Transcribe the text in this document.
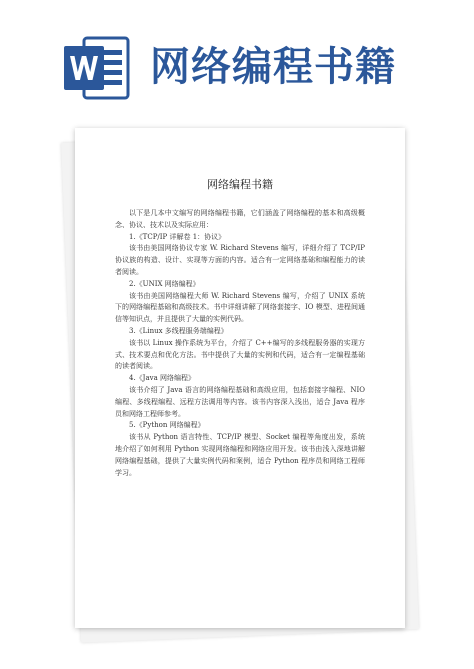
网络编程书籍
网络编程书籍

以下是几本中文编写的网络编程书籍，它们涵盖了网络编程的基本和高级概念、协议、技术以及实际应用：

1.《TCP/IP 详解卷 1：协议》

该书由美国网络协议专家 W. Richard Stevens 编写，详细介绍了 TCP/IP 协议族的构造、设计、实现等方面的内容。适合有一定网络基础和编程能力的读者阅读。

2.《UNIX 网络编程》

该书由美国网络编程大师 W. Richard Stevens 编写，介绍了 UNIX 系统下的网络编程基础和高级技术。书中详细讲解了网络套接字、IO 模型、进程间通信等知识点，并且提供了大量的实例代码。

3.《Linux 多线程服务端编程》

该书以 Linux 操作系统为平台，介绍了 C++编写的多线程服务器的实现方式、技术要点和优化方法。书中提供了大量的实例和代码，适合有一定编程基础的读者阅读。

4.《Java 网络编程》

该书介绍了 Java 语言的网络编程基础和高级应用，包括套接字编程、NIO 编程、多线程编程、远程方法调用等内容。该书内容深入浅出，适合 Java 程序员和网络工程师参考。

5.《Python 网络编程》

该书从 Python 语言特性、TCP/IP 模型、Socket 编程等角度出发，系统地介绍了如何利用 Python 实现网络编程和网络应用开发。该书由浅入深地讲解网络编程基础，提供了大量实例代码和案例，适合 Python 程序员和网络工程师学习。
